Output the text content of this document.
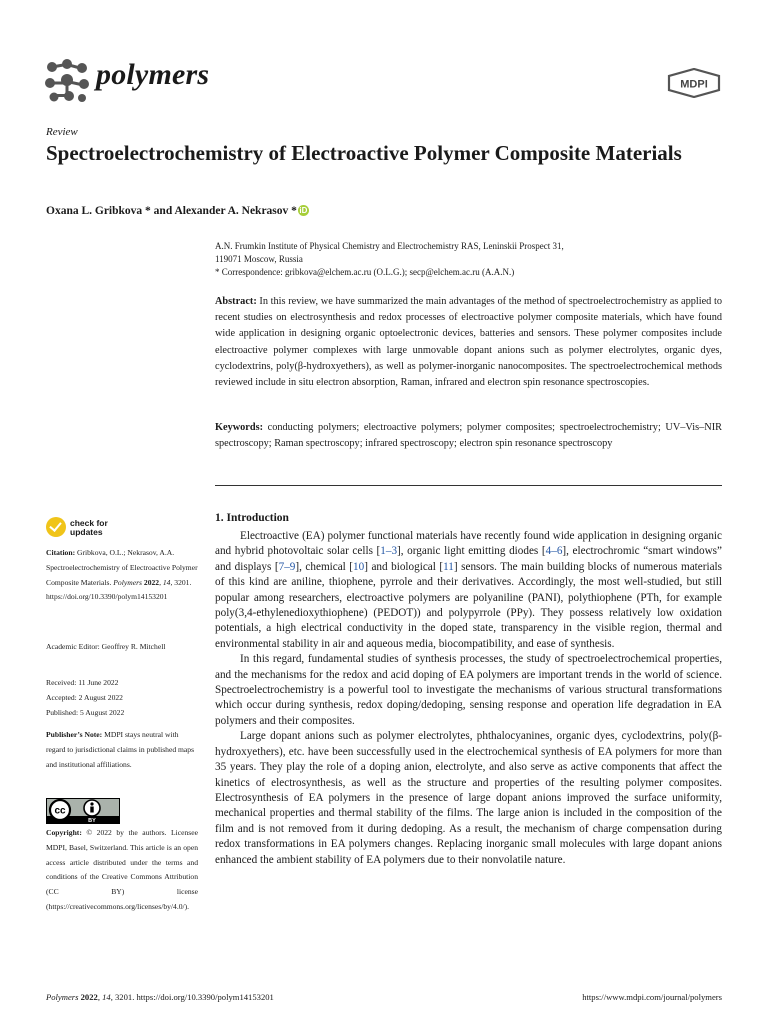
polymers	MDPI
Review
Spectroelectrochemistry of Electroactive Polymer Composite Materials
Oxana L. Gribkova * and Alexander A. Nekrasov * iD
A.N. Frumkin Institute of Physical Chemistry and Electrochemistry RAS, Leninskii Prospect 31,
119071 Moscow, Russia
* Correspondence: gribkova@elchem.ac.ru (O.L.G.); secp@elchem.ac.ru (A.A.N.)
Abstract: In this review, we have summarized the main advantages of the method of spectroelectrochemistry as applied to recent studies on electrosynthesis and redox processes of electroactive polymer composite materials, which have found wide application in designing organic optoelectronic devices, batteries and sensors. These polymer composites include electroactive polymer complexes with large unmovable dopant anions such as polymer electrolytes, organic dyes, cyclodextrins, poly(β-hydroxyethers), as well as polymer-inorganic nanocomposites. The spectroelectrochemical methods reviewed include in situ electron absorption, Raman, infrared and electron spin resonance spectroscopies.
Keywords: conducting polymers; electroactive polymers; polymer composites; spectroelectrochemistry; UV–Vis–NIR spectroscopy; Raman spectroscopy; infrared spectroscopy; electron spin resonance spectroscopy
check for
updates
Citation: Gribkova, O.L.; Nekrasov, A.A. Spectroelectrochemistry of Electroactive Polymer Composite Materials. Polymers 2022, 14, 3201. https://doi.org/10.3390/polym14153201
Academic Editor: Geoffrey R. Mitchell
Received: 11 June 2022
Accepted: 2 August 2022
Published: 5 August 2022
Publisher’s Note: MDPI stays neutral with regard to jurisdictional claims in published maps and institutional affiliations.
cc
BY
Copyright: © 2022 by the authors. Licensee MDPI, Basel, Switzerland. This article is an open access article distributed under the terms and conditions of the Creative Commons Attribution (CC BY) license (https://creativecommons.org/licenses/by/4.0/).
1. Introduction

Electroactive (EA) polymer functional materials have recently found wide application in designing organic and hybrid photovoltaic solar cells [1–3], organic light emitting diodes [4–6], electrochromic “smart windows” and displays [7–9], chemical [10] and biological [11] sensors. The main building blocks of numerous materials of this kind are aniline, thiophene, pyrrole and their derivatives. Accordingly, the most well-studied, but still popular among researchers, electroactive polymers are polyaniline (PANI), polythiophene (PTh, for example poly(3,4-ethylenedioxythiophene) (PEDOT)) and polypyrrole (PPy). They possess relatively low oxidation potentials, a high electrical conductivity in the doped state, transparency in the visible region, thermal and environmental stability in air and aqueous media, biocompatibility, and ease of synthesis.

In this regard, fundamental studies of synthesis processes, the study of spectroelectrochemical properties, and the mechanisms for the redox and acid doping of EA polymers are important trends in the world of science. Spectroelectrochemistry is a powerful tool to investigate the mechanisms of various structural transformations which occur during synthesis, redox doping/dedoping, sensing response and operation life degradation in EA polymers and their composites.

Large dopant anions such as polymer electrolytes, phthalocyanines, organic dyes, cyclodextrins, poly(β-hydroxyethers), etc. have been successfully used in the electrochemical synthesis of EA polymers for more than 35 years. They play the role of a doping anion, electrolyte, and also serve as active components that affect the kinetics of electrosynthesis, as well as the structure and properties of the resulting polymer composites. Electrosynthesis of EA polymers in the presence of large dopant anions improved the surface uniformity, mechanical properties and thermal stability of the films. The large anion is included in the composition of the film and is not removed from it during dedoping. As a result, the mechanism of charge compensation during redox transformations in EA polymers changes. Replacing inorganic small molecules with large dopant anions enhanced the ambient stability of EA polymers due to their nonvolatile nature.

Polymers 2022, 14, 3201. https://doi.org/10.3390/polym14153201	https://www.mdpi.com/journal/polymers
